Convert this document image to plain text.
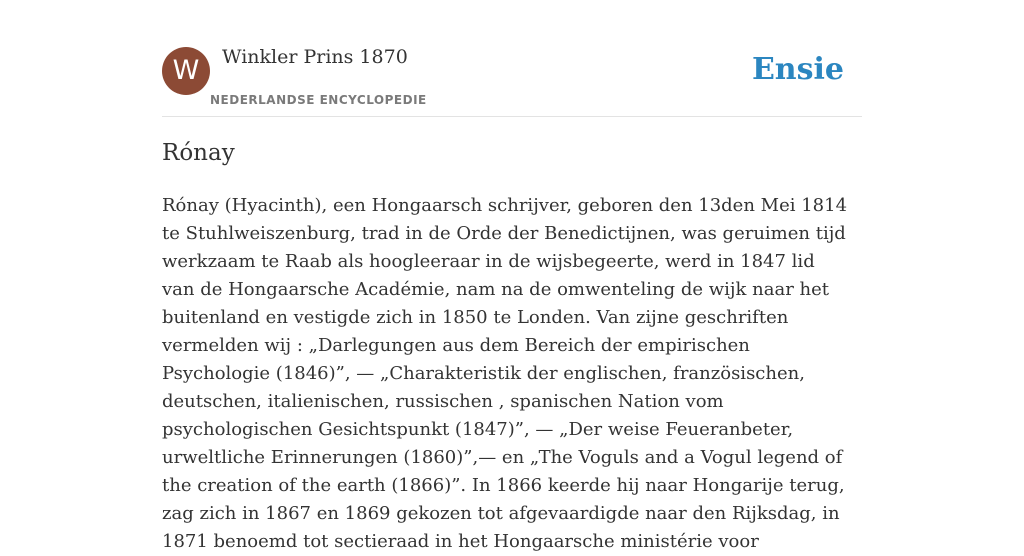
W	Winkler Prins 1870
NEDERLANDSE ENCYCLOPEDIE
Ensie
Rónay

Rónay (Hyacinth), een Hongaarsch schrijver, geboren den 13den Mei 1814 te Stuhlweiszenburg, trad in de Orde der Benedictijnen, was geruimen tijd werkzaam te Raab als hoogleeraar in de wijsbegeerte, werd in 1847 lid van de Hongaarsche Académie, nam na de omwenteling de wijk naar het buitenland en vestigde zich in 1850 te Londen. Van zijne geschriften vermelden wij : „Darlegungen aus dem Bereich der empirischen Psychologie (1846)”, — „Charakteristik der englischen, französischen, deutschen, italienischen, russischen , spanischen Nation vom psychologischen Gesichtspunkt (1847)”, — „Der weise Feueranbeter, urweltliche Erinnerungen (1860)”,— en „The Voguls and a Vogul legend of the creation of the earth (1866)”. In 1866 keerde hij naar Hongarije terug, zag zich in 1867 en 1869 gekozen tot afgevaardigde naar den Rijksdag, in 1871 benoemd tot sectieraad in het Hongaarsche ministérie voor
